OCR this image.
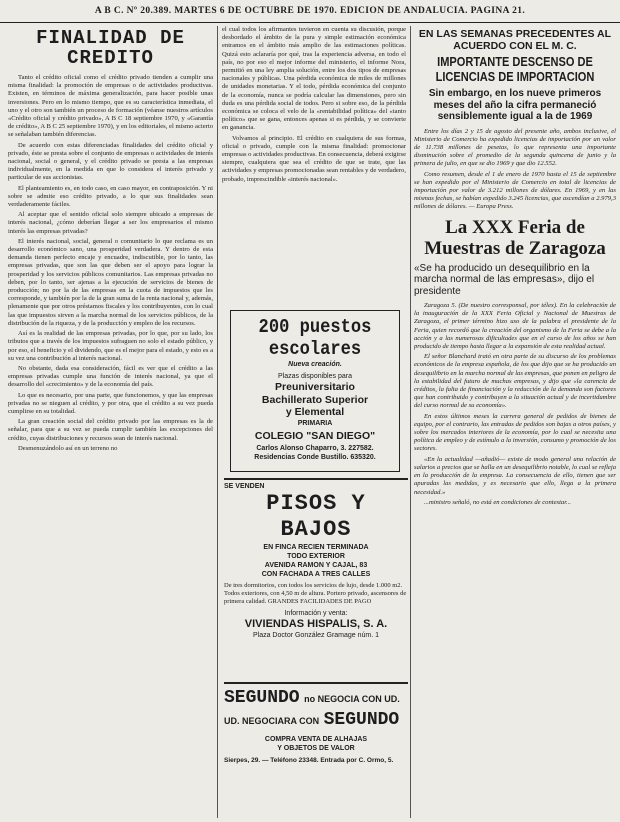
A B C. Nº 20.389. MARTES 6 DE OCTUBRE DE 1970. EDICION DE ANDALUCIA. PAGINA 21.
FINALIDAD DE CREDITO

Tanto el crédito oficial como el crédito privado tienden a cumplir una misma finalidad: la promoción de empresas o de actividades productivas. Existen, en términos de máxima generalización, para hacer posible unas inversiones. Pero en lo mismo tiempo, que es su característica inmediata, el uno y el otro son también un proceso de formación (véanse nuestros artículos «Crédito oficial y crédito privado», A B C 18 septiembre 1970, y «Garantía de crédito», A B C 25 septiembre 1970), y en los editoriales, el mismo acierto se señalaban también diferencias.

De acuerdo con estas diferenciadas finalidades del crédito oficial y privado, éste se presta sobre el conjunto de empresas o actividades de interés nacional, social o general, y el crédito privado se presta a las empresas individualmente, en la medida en que lo considera el interés privado y particular de sus accionistas.

El planteamiento es, en todo caso, en caso mayor, en contraposición. Y ni sobre se admite eso crédito privado, a lo que sus finalidades sean verdaderamente fáciles.

Al aceptar que el sentido oficial solo siempre ubicado a empresas de interés nacional, ¿cómo deberían llegar a ser los empresarios el mismo interés las empresas privadas?

El interés nacional, social, general o comunitario lo que reclama es un desarrollo económico sano, una prosperidad verdadera. Y dentro de esta demanda tienen perfecto encaje y encuadre, indiscutible, por lo tanto, las empresas privadas, que son las que deben ser el apoyo para lograr la prosperidad y los servicios públicos comunitarios. Las empresas privadas no deben, por lo tanto, ser ajenas a la ejecución de servicios de bienes de producción; no por la de las empresas en la cuota de impuestos que les corresponde, y también por la de la gran suma de la renta nacional y, además, plenamente que por otros préstamos fiscales y los contribuyentes, con lo cual las que impuestos sirven a la marcha normal de los servicios públicos, de la distribución de la riqueza, y de la producción y empleo de los recursos.

Así es la realidad de las empresas privadas, por lo que, por su lado, los tributos que a través de los impuestos sufraguen no solo el estado público, y por eso, el beneficio y el dividendo, que es el mejor para el estado, y esto es a su vez una contribución al interés nacional.

No obstante, dada esa consideración, fácil es ver que el crédito a las empresas privadas cumple una función de interés nacional, ya que el desarrollo del «crecimiento» y de la economía del país.

Lo que es necesario, por una parte, que funcionemos, y que las empresas privadas no se nieguen al crédito, y por otra, que el crédito a su vez pueda cumplirse en su totalidad.

La gran creación social del crédito privado por las empresas es la de señalar, para que a su vez se pueda cumplir también las excepciones del crédito, cuyas distribuciones y recursos sean de interés nacional.

Desmenuzándolo así en un terreno no

el cual todos los afirmantes tuvieron en cuenta su discusión, porque desbordado el ámbito de la pura y simple estimación económica entramos en el ámbito más amplio de las estimaciones políticas. Quizá esto aclararía por qué, tras la experiencia adversa, en todo el país, no por eso el mejor informe del ministerio, el informe Nora, permitió en una ley amplia solución, entre los dos tipos de empresas nacionales y públicas. Una pérdida económica de miles de millones de unidades monetarias. Y el todo, pérdida económica del conjunto de la economía, nunca se podría calcular las dimensiones, pero sin duda es una pérdida social de todos. Pero si sobre eso, de la pérdida económica se coloca el velo de la «rentabilidad política» del «tanto político» que se gana, entonces apenas si es pérdida, y se convierte en ganancia.

Volvamos al principio. El crédito en cualquiera de sus formas, oficial o privado, cumple con la misma finalidad: promocionar empresas o actividades productivas. En consecuencia, deberá exigirse siempre, cualquiera que sea el crédito de que se trate, que las actividades y empresas promocionadas sean rentables y de verdadero, probado, imprescindible «interés nacional».

200 puestos escolares
Nueva creación.
Plazas disponibles para
Preuniversitario
Bachillerato Superior
y Elemental
PRIMARIA
COLEGIO "SAN DIEGO"
Carlos Alonso Chaparro, 3. 227582.
Residencias Conde Bustillo. 635320.
SE VENDEN
PISOS Y BAJOS
EN FINCA RECIEN TERMINADA
TODO EXTERIOR
AVENIDA RAMON Y CAJAL, 83
CON FACHADA A TRES CALLES
De tres dormitorios, con todos los servicios de lujo, desde 1.000 m2. Todos exteriores, con 4,50 m de altura. Portero privado, ascensores de primera calidad. GRANDES FACILIDADES DE PAGO
Información y venta:
VIVIENDAS HISPALIS, S. A.
Plaza Doctor González Gramage núm. 1
SEGUNDO no NEGOCIA CON UD.
UD. NEGOCIARA CON SEGUNDO
COMPRA VENTA DE ALHAJAS
Y OBJETOS DE VALOR
Sierpes, 29. — Teléfono 23348. Entrada por C. Ormo, 5.
EN LAS SEMANAS PRECEDENTES AL ACUERDO CON EL M. C.
IMPORTANTE DESCENSO DE LICENCIAS DE IMPORTACION
Sin embargo, en los nueve primeros meses del año la cifra permaneció sensiblemente igual a la de 1969

Entre los días 2 y 15 de agosto del presente año, ambos inclusive, el Ministerio de Comercio ha expedido licencias de importación por un valor de 11.738 millones de pesetas, lo que representa una importante disminución sobre el promedio de la segunda quincena de junio y la primera de julio, en que se dio 1969 y que dio 12.552.

Como resumen, desde el 1 de enero de 1970 hasta el 15 de septiembre se han expedido por el Ministerio de Comercio en total de licencias de importación por valor de 3.212 millones de dólares. En 1969, y en las mismas fechas, se habían expedido 3.245 licencias, que ascendían a 2.979,3 millones de dólares. — Europa Press.

La XXX Feria de Muestras de Zaragoza
«Se ha producido un desequilibrio en la marcha normal de las empresas», dijo el presidente

Zaragoza 5. (De nuestro corresponsal, por télex). En la celebración de la inauguración de la XXX Feria Oficial y Nacional de Muestras de Zaragoza, el primer término hizo uso de la palabra el presidente de la Feria, quien recordó que la creación del organismo de la Feria se debe a la acción y a las numerosas dificultades que en el curso de los años se han producido de tiempo hasta llegar a la expansión de esta realidad actual.

El señor Blanchard trató en otra parte de su discurso de los problemas económicos de la empresa española, de los que dijo que se ha producido un desequilibrio en la marcha normal de las empresas, que ponen en peligro de la estabilidad del futuro de muchas empresas, y dijo que «la carencia de créditos, la falta de financiación y la reducción de la demanda son factores que han contribuido y contribuyen a la situación actual y de incertidumbre del curso normal de su economía».

En estos últimos meses la carrera general de pedidos de bienes de equipo, por el contrario, las entradas de pedidos son bajas a otros países, y sobre los mercados interiores de la economía, por lo cual se necesita una política de empleo y de estímulo a la inversión, consumo y promoción de los sectores.

«En la actualidad —añadió— existe de modo general una relación de salarios a precios que se halla en un desequilibrio notable, lo cual se refleja en la producción de la empresa. La consecuencia de ello, tienen que ser apuradas las medidas, y es necesario que ello, llega a la primera necesidad.»

...ministro señaló, no está en condiciones de contestar...
